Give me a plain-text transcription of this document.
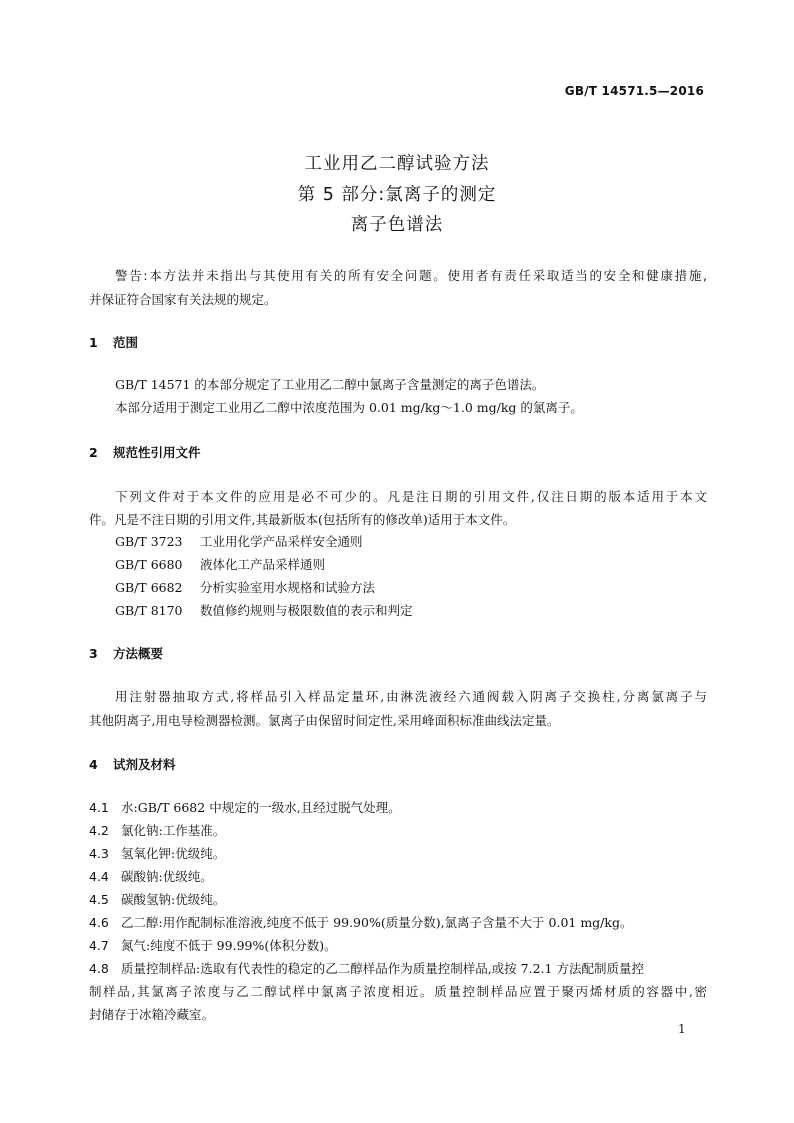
GB/T 14571.5—2016
工业用乙二醇试验方法
第 5 部分:氯离子的测定
离子色谱法
警告:本方法并未指出与其使用有关的所有安全问题。使用者有责任采取适当的安全和健康措施,
并保证符合国家有关法规的规定。
1 范围
GB/T 14571 的本部分规定了工业用乙二醇中氯离子含量测定的离子色谱法。
本部分适用于测定工业用乙二醇中浓度范围为 0.01 mg/kg～1.0 mg/kg 的氯离子。
2 规范性引用文件
下列文件对于本文件的应用是必不可少的。凡是注日期的引用文件,仅注日期的版本适用于本文
件。凡是不注日期的引用文件,其最新版本(包括所有的修改单)适用于本文件。
GB/T 3723 工业用化学产品采样安全通则
GB/T 6680 液体化工产品采样通则
GB/T 6682 分析实验室用水规格和试验方法
GB/T 8170 数值修约规则与极限数值的表示和判定
3 方法概要
用注射器抽取方式,将样品引入样品定量环,由淋洗液经六通阀载入阴离子交换柱,分离氯离子与
其他阴离子,用电导检测器检测。氯离子由保留时间定性,采用峰面积标准曲线法定量。
4 试剂及材料
4.1 水:GB/T 6682 中规定的一级水,且经过脱气处理。
4.2 氯化钠:工作基准。
4.3 氢氧化钾:优级纯。
4.4 碳酸钠:优级纯。
4.5 碳酸氢钠:优级纯。
4.6 乙二醇:用作配制标准溶液,纯度不低于 99.90%(质量分数),氯离子含量不大于 0.01 mg/kg。
4.7 氮气:纯度不低于 99.99%(体积分数)。
4.8 质量控制样品:选取有代表性的稳定的乙二醇样品作为质量控制样品,或按 7.2.1 方法配制质量控
制样品,其氯离子浓度与乙二醇试样中氯离子浓度相近。质量控制样品应置于聚丙烯材质的容器中,密
封储存于冰箱冷藏室。
1
